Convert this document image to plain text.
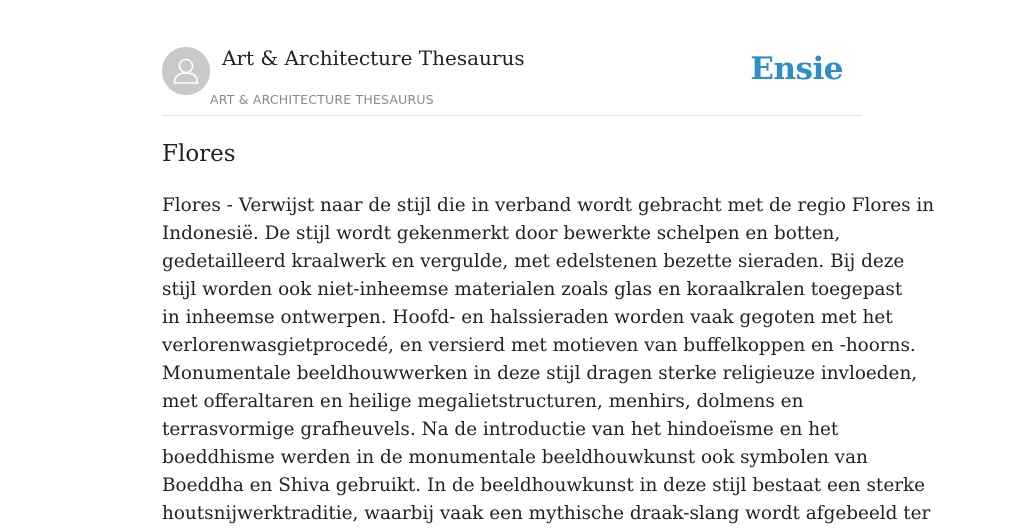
Art & Architecture Thesaurus
ART & ARCHITECTURE THESAURUS
Ensie
Flores
Flores - Verwijst naar de stijl die in verband wordt gebracht met de regio Flores in
Indonesië. De stijl wordt gekenmerkt door bewerkte schelpen en botten,
gedetailleerd kraalwerk en vergulde, met edelstenen bezette sieraden. Bij deze
stijl worden ook niet-inheemse materialen zoals glas en koraalkralen toegepast
in inheemse ontwerpen. Hoofd- en halssieraden worden vaak gegoten met het
verlorenwasgietprocedé, en versierd met motieven van buffelkoppen en -hoorns.
Monumentale beeldhouwwerken in deze stijl dragen sterke religieuze invloeden,
met offeraltaren en heilige megalietstructuren, menhirs, dolmens en
terrasvormige grafheuvels. Na de introductie van het hindoeïsme en het
boeddhisme werden in de monumentale beeldhouwkunst ook symbolen van
Boeddha en Shiva gebruikt. In de beeldhouwkunst in deze stijl bestaat een sterke
houtsnijwerktraditie, waarbij vaak een mythische draak-slang wordt afgebeeld ter
